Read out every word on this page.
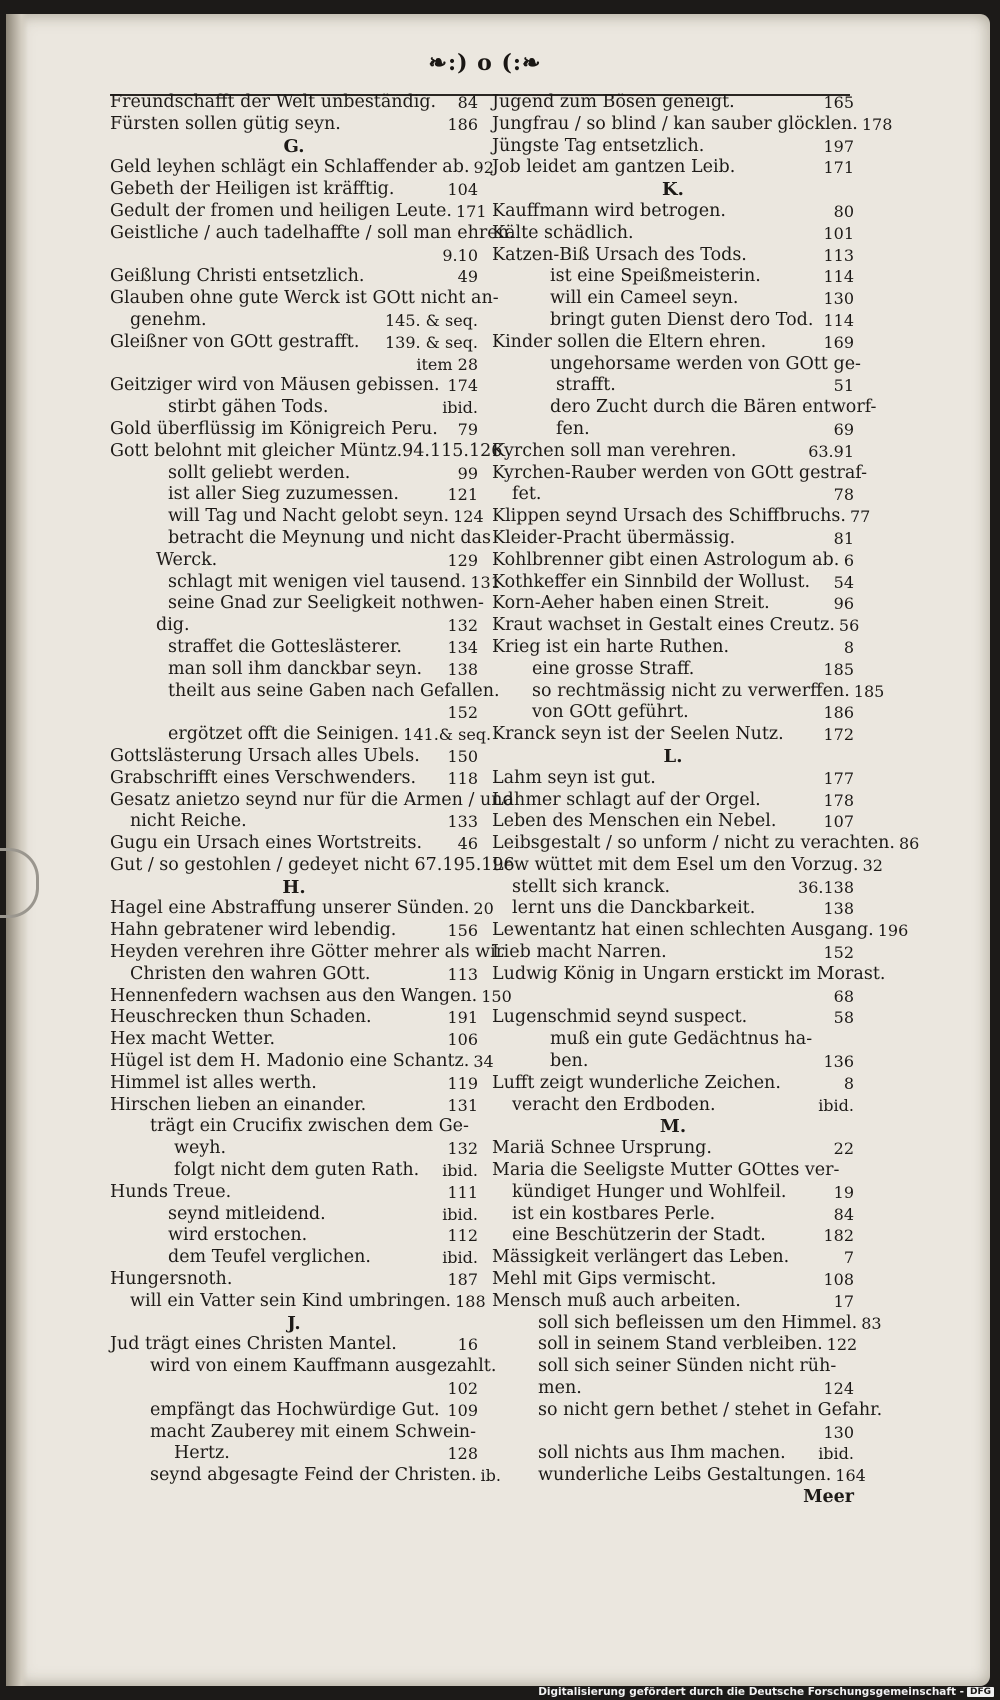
❧:) o (:❧
Freundschafft der Welt unbeständig.	84
Fürsten sollen gütig seyn.	186
G.
Geld leyhen schlägt ein Schlaffender ab. 92
Gebeth der Heiligen ist kräfftig.	104
Gedult der fromen und heiligen Leute. 171
Geistliche / auch tadelhaffte / soll man ehren.
9.10
Geißlung Christi entsetzlich.	49
Glauben ohne gute Werck ist GOtt nicht an-
genehm.	145. & seq.
Gleißner von GOtt gestrafft.	139. & seq.
item 28
Geitziger wird von Mäusen gebissen. 174
stirbt gähen Tods.	ibid.
Gold überflüssig im Königreich Peru.	79
Gott belohnt mit gleicher Müntz.94.115.126
sollt geliebt werden.	99
ist aller Sieg zuzumessen.	121
will Tag und Nacht gelobt seyn. 124
betracht die Meynung und nicht das
Werck.	129
schlagt mit wenigen viel tausend. 131
seine Gnad zur Seeligkeit nothwen-
dig.	132
straffet die Gotteslästerer.	134
man soll ihm danckbar seyn.	138
theilt aus seine Gaben nach Gefallen.
152
ergötzet offt die Seinigen. 141.& seq.
Gottslästerung Ursach alles Ubels.	150
Grabschrifft eines Verschwenders.	118
Gesatz anietzo seynd nur für die Armen / und
nicht Reiche.	133
Gugu ein Ursach eines Wortstreits.	46
Gut / so gestohlen / gedeyet nicht 67.195.196
H.
Hagel eine Abstraffung unserer Sünden. 20
Hahn gebratener wird lebendig.	156
Heyden verehren ihre Götter mehrer als wir
Christen den wahren GOtt.	113
Hennenfedern wachsen aus den Wangen. 150
Heuschrecken thun Schaden.	191
Hex macht Wetter.	106
Hügel ist dem H. Madonio eine Schantz. 34
Himmel ist alles werth.	119
Hirschen lieben an einander.	131
trägt ein Crucifix zwischen dem Ge-
weyh.	132
folgt nicht dem guten Rath.	ibid.
Hunds Treue.	111
seynd mitleidend.	ibid.
wird erstochen.	112
dem Teufel verglichen.	ibid.
Hungersnoth.	187
will ein Vatter sein Kind umbringen. 188
J.
Jud trägt eines Christen Mantel.	16
wird von einem Kauffmann ausgezahlt.
102
empfängt das Hochwürdige Gut. 109
macht Zauberey mit einem Schwein-
Hertz.	128
seynd abgesagte Feind der Christen. ib.
Jugend zum Bösen geneigt.	165
Jungfrau / so blind / kan sauber glöcklen. 178
Jüngste Tag entsetzlich.	197
Job leidet am gantzen Leib.	171
K.
Kauffmann wird betrogen.	80
Kälte schädlich.	101
Katzen-Biß Ursach des Tods.	113
ist eine Speißmeisterin.	114
will ein Cameel seyn.	130
bringt guten Dienst dero Tod. 114
Kinder sollen die Eltern ehren.	169
ungehorsame werden von GOtt ge-
strafft.	51
dero Zucht durch die Bären entworf-
fen.	69
Kyrchen soll man verehren.	63.91
Kyrchen-Rauber werden von GOtt gestraf-
fet.	78
Klippen seynd Ursach des Schiffbruchs. 77
Kleider-Pracht übermässig.	81
Kohlbrenner gibt einen Astrologum ab. 6
Kothkeffer ein Sinnbild der Wollust.	54
Korn-Aeher haben einen Streit.	96
Kraut wachset in Gestalt eines Creutz. 56
Krieg ist ein harte Ruthen.	8
eine grosse Straff.	185
so rechtmässig nicht zu verwerffen. 185
von GOtt geführt.	186
Kranck seyn ist der Seelen Nutz.	172
L.
Lahm seyn ist gut.	177
Lahmer schlagt auf der Orgel.	178
Leben des Menschen ein Nebel.	107
Leibsgestalt / so unform / nicht zu verachten. 86
Lew wüttet mit dem Esel um den Vorzug. 32
stellt sich kranck.	36.138
lernt uns die Danckbarkeit.	138
Lewentantz hat einen schlechten Ausgang. 196
Lieb macht Narren.	152
Ludwig König in Ungarn erstickt im Morast.
68
Lugenschmid seynd suspect.	58
muß ein gute Gedächtnus ha-
ben.	136
Lufft zeigt wunderliche Zeichen.	8
veracht den Erdboden.	ibid.
M.
Mariä Schnee Ursprung.	22
Maria die Seeligste Mutter GOttes ver-
kündiget Hunger und Wohlfeil.	19
ist ein kostbares Perle.	84
eine Beschützerin der Stadt.	182
Mässigkeit verlängert das Leben.	7
Mehl mit Gips vermischt.	108
Mensch muß auch arbeiten.	17
soll sich befleissen um den Himmel. 83
soll in seinem Stand verbleiben. 122
soll sich seiner Sünden nicht rüh-
men.	124
so nicht gern bethet / stehet in Gefahr.
130
soll nichts aus Ihm machen.	ibid.
wunderliche Leibs Gestaltungen. 164
Meer
Digitalisierung gefördert durch die Deutsche Forschungsgemeinschaft - DFG
